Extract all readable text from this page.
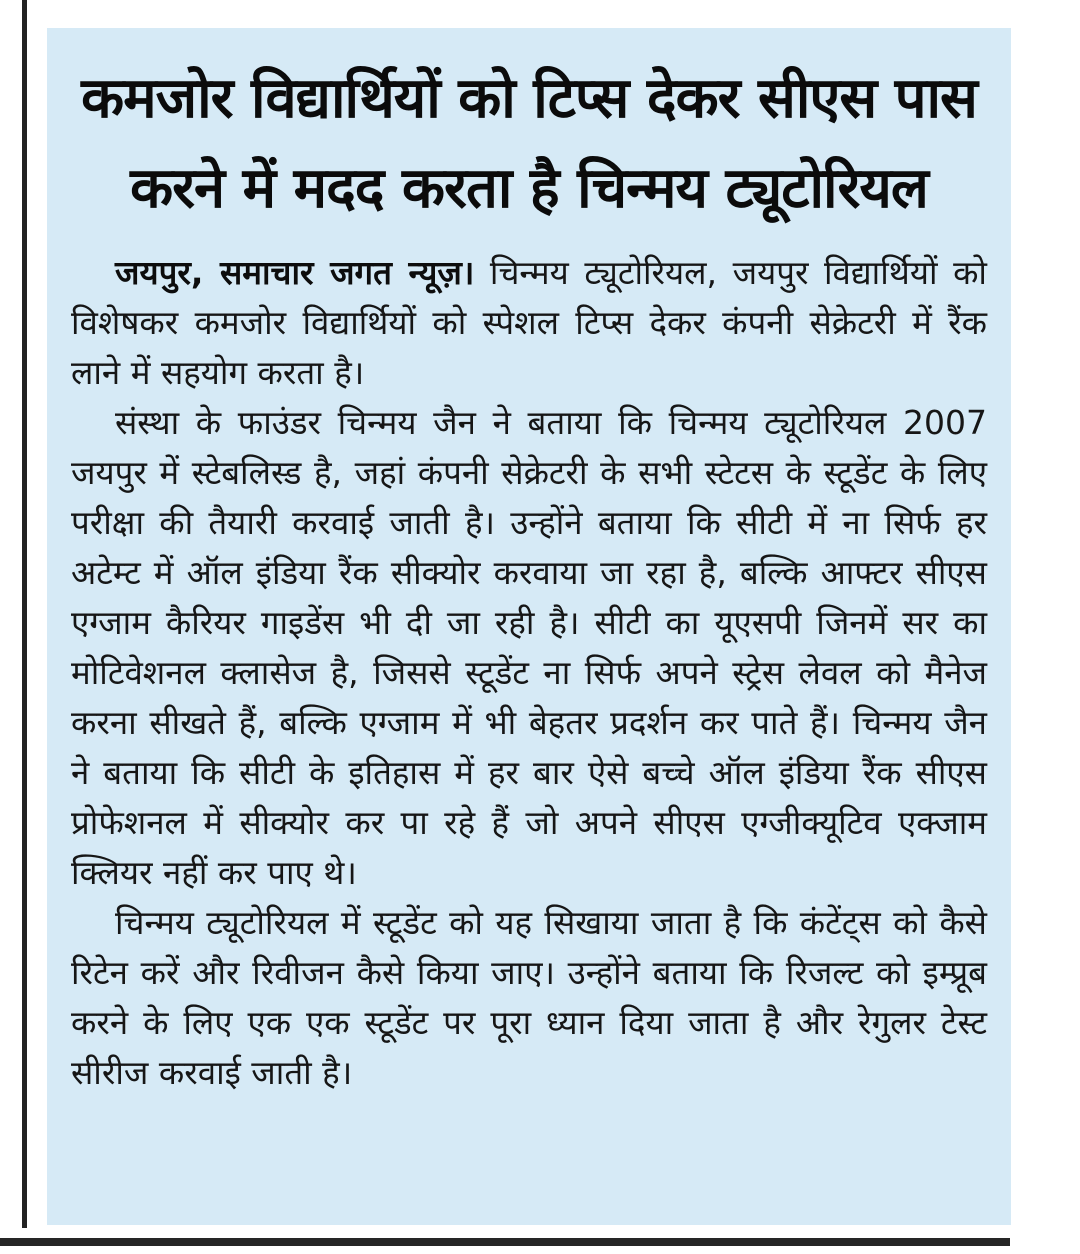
कमजोर विद्यार्थियों को टिप्स देकर सीएस पास
करने में मदद करता है चिन्मय ट्यूटोरियल

जयपुर, समाचार जगत न्यूज़। चिन्मय ट्यूटोरियल, जयपुर विद्यार्थियों को विशेषकर कमजोर विद्यार्थियों को स्पेशल टिप्स देकर कंपनी सेक्रेटरी में रैंक लाने में सहयोग करता है।

संस्था के फाउंडर चिन्मय जैन ने बताया कि चिन्मय ट्यूटोरियल 2007 जयपुर में स्टेबलिस्ड है, जहां कंपनी सेक्रेटरी के सभी स्टेटस के स्टूडेंट के लिए परीक्षा की तैयारी करवाई जाती है। उन्होंने बताया कि सीटी में ना सिर्फ हर अटेम्ट में ऑल इंडिया रैंक सीक्योर करवाया जा रहा है, बल्कि आफ्टर सीएस एग्जाम कैरियर गाइडेंस भी दी जा रही है। सीटी का यूएसपी जिनमें सर का मोटिवेशनल क्लासेज है, जिससे स्टूडेंट ना सिर्फ अपने स्ट्रेस लेवल को मैनेज करना सीखते हैं, बल्कि एग्जाम में भी बेहतर प्रदर्शन कर पाते हैं। चिन्मय जैन ने बताया कि सीटी के इतिहास में हर बार ऐसे बच्चे ऑल इंडिया रैंक सीएस प्रोफेशनल में सीक्योर कर पा रहे हैं जो अपने सीएस एग्जीक्यूटिव एक्जाम क्लियर नहीं कर पाए थे।

चिन्मय ट्यूटोरियल में स्टूडेंट को यह सिखाया जाता है कि कंटेंट्स को कैसे रिटेन करें और रिवीजन कैसे किया जाए। उन्होंने बताया कि रिजल्ट को इम्प्रूब करने के लिए एक एक स्टूडेंट पर पूरा ध्यान दिया जाता है और रेगुलर टेस्ट सीरीज करवाई जाती है।
